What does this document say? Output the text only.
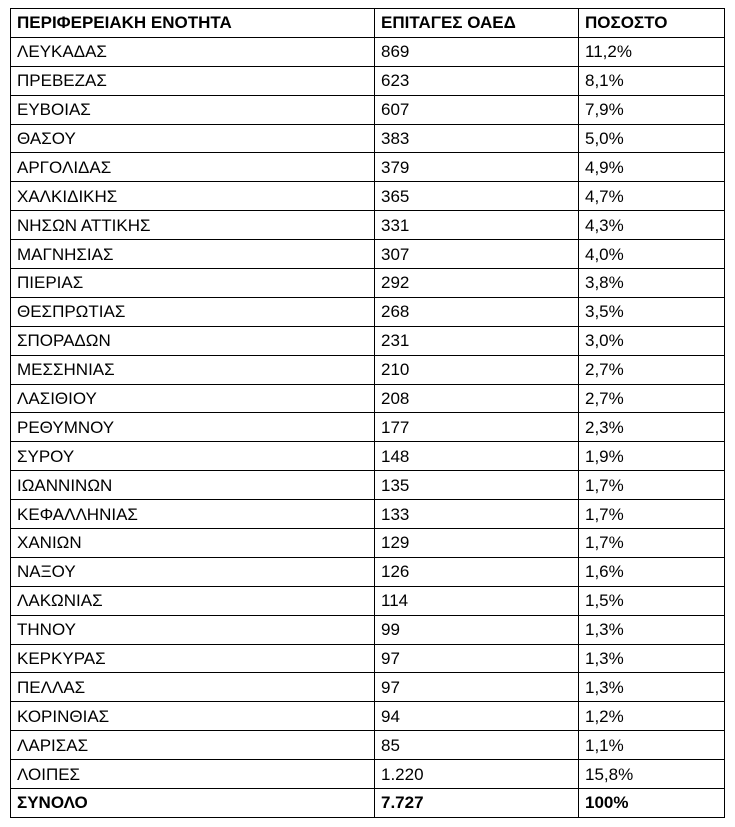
ΠΕΡΙΦΕΡΕΙΑΚΗ ΕΝΟΤΗΤΑ	ΕΠΙΤΑΓΕΣ ΟΑΕΔ	ΠΟΣΟΣΤΟ
ΛΕΥΚΑΔΑΣ	869	11,2%
ΠΡΕΒΕΖΑΣ	623	8,1%
ΕΥΒΟΙΑΣ	607	7,9%
ΘΑΣΟΥ	383	5,0%
ΑΡΓΟΛΙΔΑΣ	379	4,9%
ΧΑΛΚΙΔΙΚΗΣ	365	4,7%
ΝΗΣΩΝ ΑΤΤΙΚΗΣ	331	4,3%
ΜΑΓΝΗΣΙΑΣ	307	4,0%
ΠΙΕΡΙΑΣ	292	3,8%
ΘΕΣΠΡΩΤΙΑΣ	268	3,5%
ΣΠΟΡΑΔΩΝ	231	3,0%
ΜΕΣΣΗΝΙΑΣ	210	2,7%
ΛΑΣΙΘΙΟΥ	208	2,7%
ΡΕΘΥΜΝΟΥ	177	2,3%
ΣΥΡΟΥ	148	1,9%
ΙΩΑΝΝΙΝΩΝ	135	1,7%
ΚΕΦΑΛΛΗΝΙΑΣ	133	1,7%
ΧΑΝΙΩΝ	129	1,7%
ΝΑΞΟΥ	126	1,6%
ΛΑΚΩΝΙΑΣ	114	1,5%
ΤΗΝΟΥ	99	1,3%
ΚΕΡΚΥΡΑΣ	97	1,3%
ΠΕΛΛΑΣ	97	1,3%
ΚΟΡΙΝΘΙΑΣ	94	1,2%
ΛΑΡΙΣΑΣ	85	1,1%
ΛΟΙΠΕΣ	1.220	15,8%
ΣΥΝΟΛΟ	7.727	100%
